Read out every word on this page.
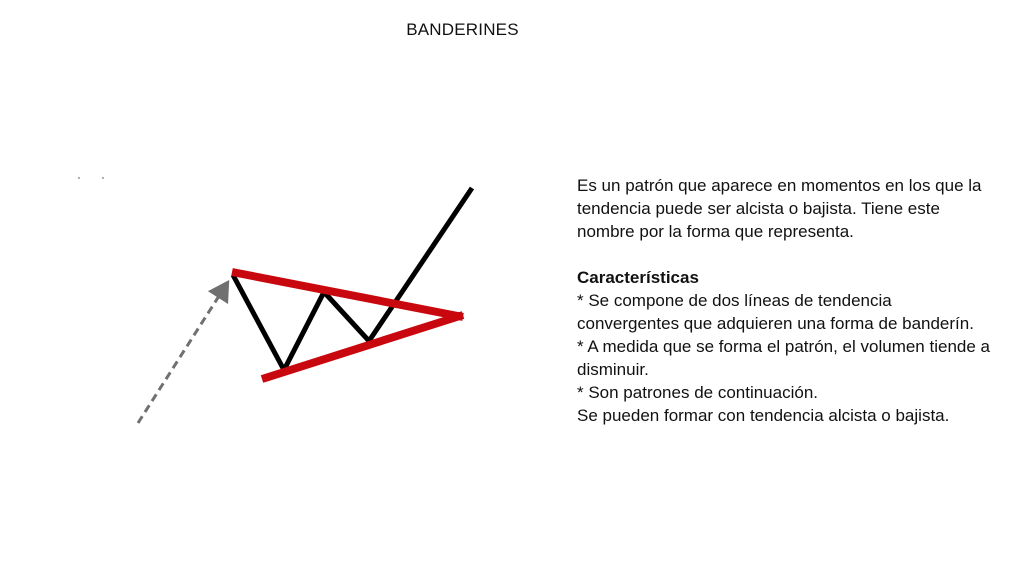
BANDERINES

Es un patrón que aparece en momentos en los que la tendencia puede ser alcista o bajista. Tiene este nombre por la forma que representa.

Características

* Se compone de dos líneas de tendencia convergentes que adquieren una forma de banderín.

* A medida que se forma el patrón, el volumen tiende a disminuir.

* Son patrones de continuación.

Se pueden formar con tendencia alcista o bajista.
